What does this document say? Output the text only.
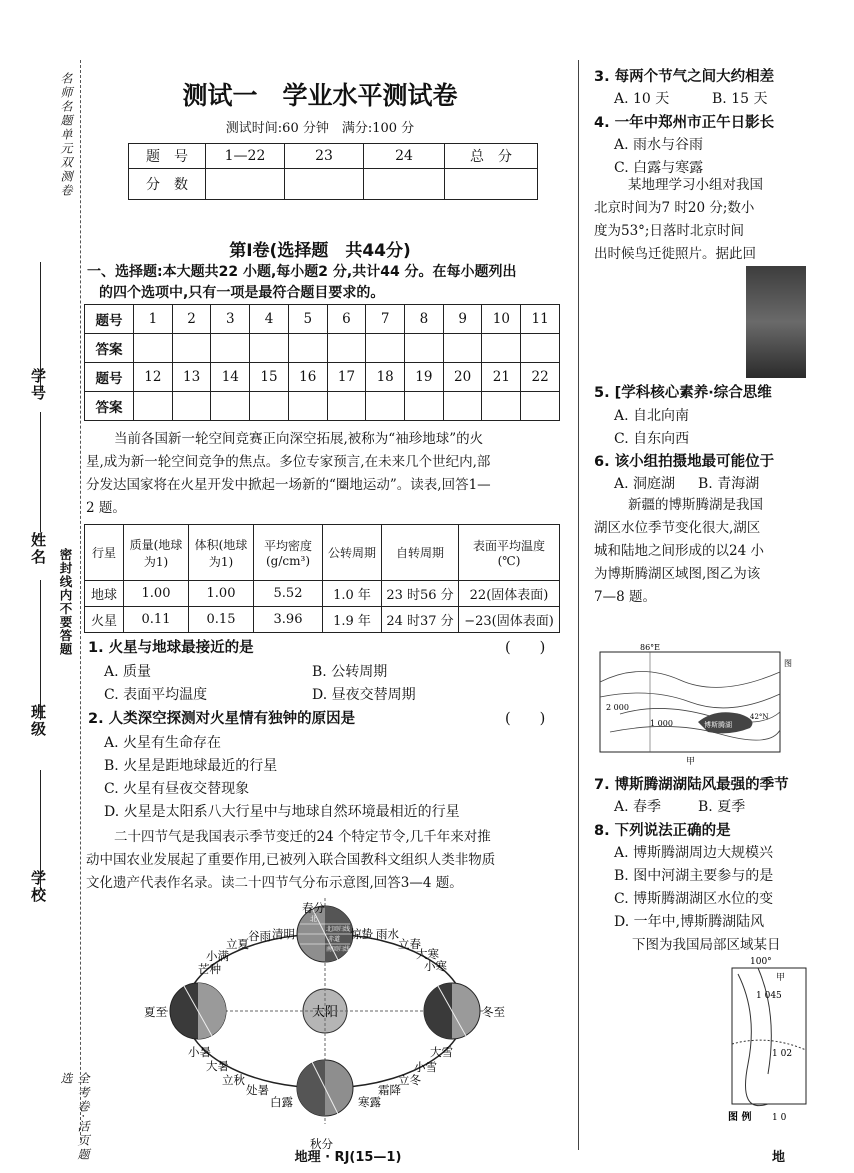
名师名题单元双测卷
全考卷·活页题选
密封线内不要答题
学号
姓名
班级
学校
测试一　学业水平测试卷
测试时间:60 分钟　满分:100 分
题　号	1—22	23	24	总　分
分　数				
第Ⅰ卷(选择题　共44分)
一、选择题:本大题共22 小题,每小题2 分,共计44 分。在每小题列出
的四个选项中,只有一项是最符合题目要求的。
题号	1	2	3	4	5	6	7	8	9	10	11
答案											
题号	12	13	14	15	16	17	18	19	20	21	22
答案											
当前各国新一轮空间竞赛正向深空拓展,被称为“袖珍地球”的火
星,成为新一轮空间竞争的焦点。多位专家预言,在未来几个世纪内,部
分发达国家将在火星开发中掀起一场新的“圈地运动”。读表,回答1—
2 题。
行星	质量(地球为1)	体积(地球为1)	平均密度(g/cm³)	公转周期	自转周期	表面平均温度(℃)
地球	1.00	1.00	5.52	1.0 年	23 时56 分	22(固体表面)
火星	0.11	0.15	3.96	1.9 年	24 时37 分	−23(固体表面)
1. 火星与地球最接近的是	(　　)
A. 质量	B. 公转周期
C. 表面平均温度	D. 昼夜交替周期
2. 人类深空探测对火星情有独钟的原因是	(　　)
A. 火星有生命存在
B. 火星是距地球最近的行星
C. 火星有昼夜交替现象
D. 火星是太阳系八大行星中与地球自然环境最相近的行星
二十四节气是我国表示季节变迁的24 个特定节令,几千年来对推
动中国农业发展起了重要作用,已被列入联合国教科文组织人类非物质
文化遗产代表作名录。读二十四节气分布示意图,回答3—4 题。
太阳
北
北回归线
赤道
南回归线
春分
清明
谷雨
立夏
小满
芒种
夏至
小暑
大暑
立秋
处暑
白露
秋分
寒露
霜降
立冬
小雪
大雪
冬至
小寒
大寒
立春
雨水
惊蛰
3. 每两个节气之间大约相差
A. 10 天	B. 15 天
4. 一年中郑州市正午日影长
A. 雨水与谷雨
C. 白露与寒露
某地理学习小组对我国
北京时间为7 时20 分;数小
度为53°;日落时北京时间
出时候鸟迁徙照片。据此回
5. [学科核心素养·综合思维
A. 自北向南
C. 自东向西
6. 该小组拍摄地最可能位于
A. 洞庭湖 B. 青海湖
新疆的博斯腾湖是我国
湖区水位季节变化很大,湖区
城和陆地之间形成的以24 小
为博斯腾湖区域图,图乙为该
7—8 题。
86°E
博斯腾湖
2 000
1 000
42°N
图
甲
7. 博斯腾湖湖陆风最强的季节
A. 春季	B. 夏季
8. 下列说法正确的是
A. 博斯腾湖周边大规模兴
B. 图中河湖主要参与的是
C. 博斯腾湖湖区水位的变
D. 一年中,博斯腾湖陆风
下图为我国局部区域某日
100°
甲
1 045
1 02
图 例 1 0
地理 · RJ(15—1)	地
